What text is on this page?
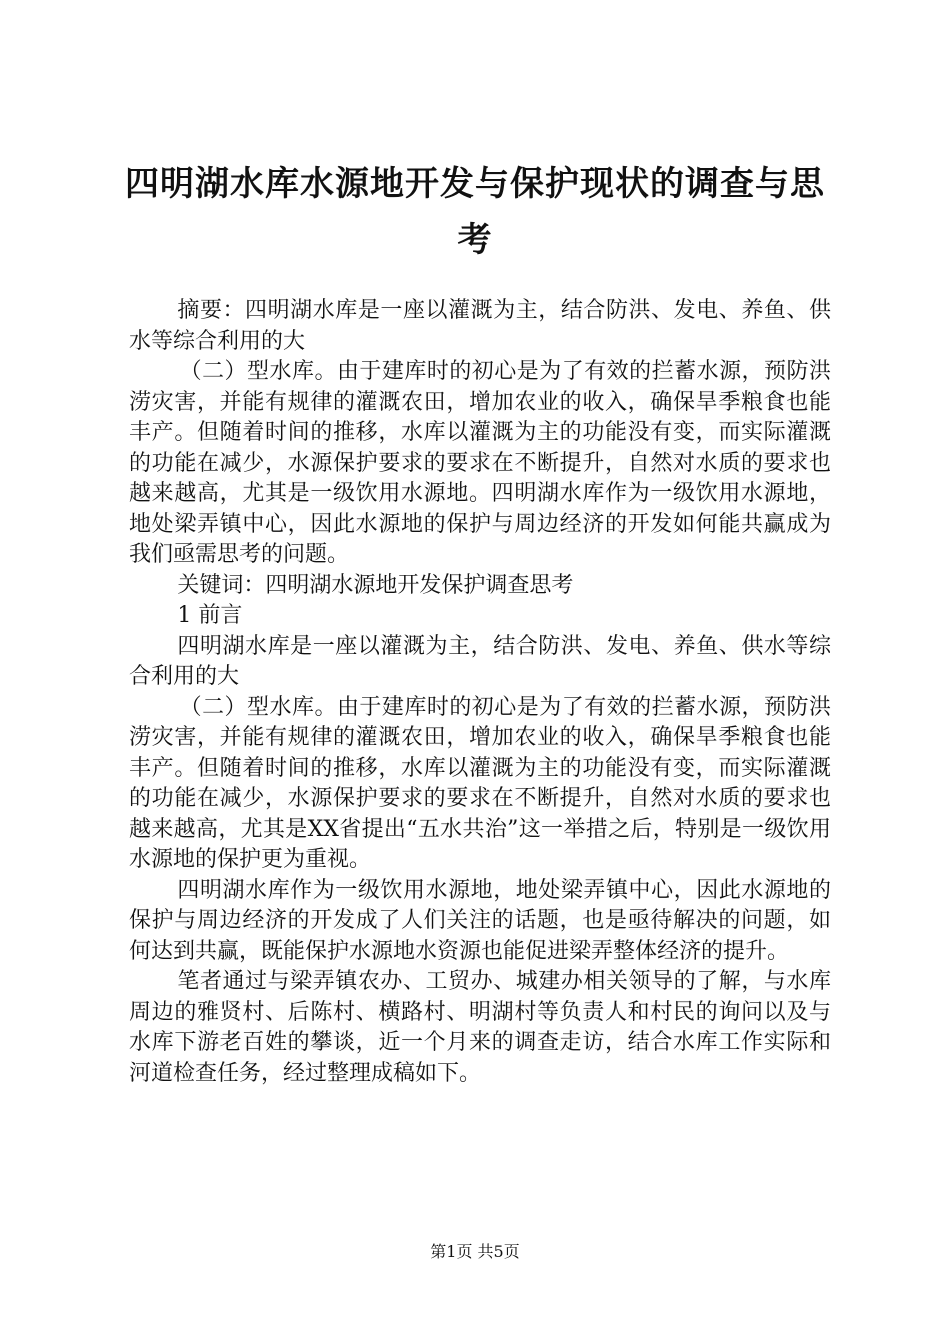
四明湖水库水源地开发与保护现状的调查与思考

摘要：四明湖水库是一座以灌溉为主，结合防洪、发电、养鱼、供水等综合利用的大

（二）型水库。由于建库时的初心是为了有效的拦蓄水源，预防洪涝灾害，并能有规律的灌溉农田，增加农业的收入，确保旱季粮食也能丰产。但随着时间的推移，水库以灌溉为主的功能没有变，而实际灌溉的功能在减少，水源保护要求的要求在不断提升，自然对水质的要求也越来越高，尤其是一级饮用水源地。四明湖水库作为一级饮用水源地，地处梁弄镇中心，因此水源地的保护与周边经济的开发如何能共赢成为我们亟需思考的问题。

关键词：四明湖水源地开发保护调查思考

1 前言

四明湖水库是一座以灌溉为主，结合防洪、发电、养鱼、供水等综合利用的大

（二）型水库。由于建库时的初心是为了有效的拦蓄水源，预防洪涝灾害，并能有规律的灌溉农田，增加农业的收入，确保旱季粮食也能丰产。但随着时间的推移，水库以灌溉为主的功能没有变，而实际灌溉的功能在减少，水源保护要求的要求在不断提升，自然对水质的要求也越来越高，尤其是XX省提出“五水共治”这一举措之后，特别是一级饮用水源地的保护更为重视。

四明湖水库作为一级饮用水源地，地处梁弄镇中心，因此水源地的保护与周边经济的开发成了人们关注的话题，也是亟待解决的问题，如何达到共赢，既能保护水源地水资源也能促进梁弄整体经济的提升。

笔者通过与梁弄镇农办、工贸办、城建办相关领导的了解，与水库周边的雅贤村、后陈村、横路村、明湖村等负责人和村民的询问以及与水库下游老百姓的攀谈，近一个月来的调查走访，结合水库工作实际和河道检查任务，经过整理成稿如下。

第1页 共5页
